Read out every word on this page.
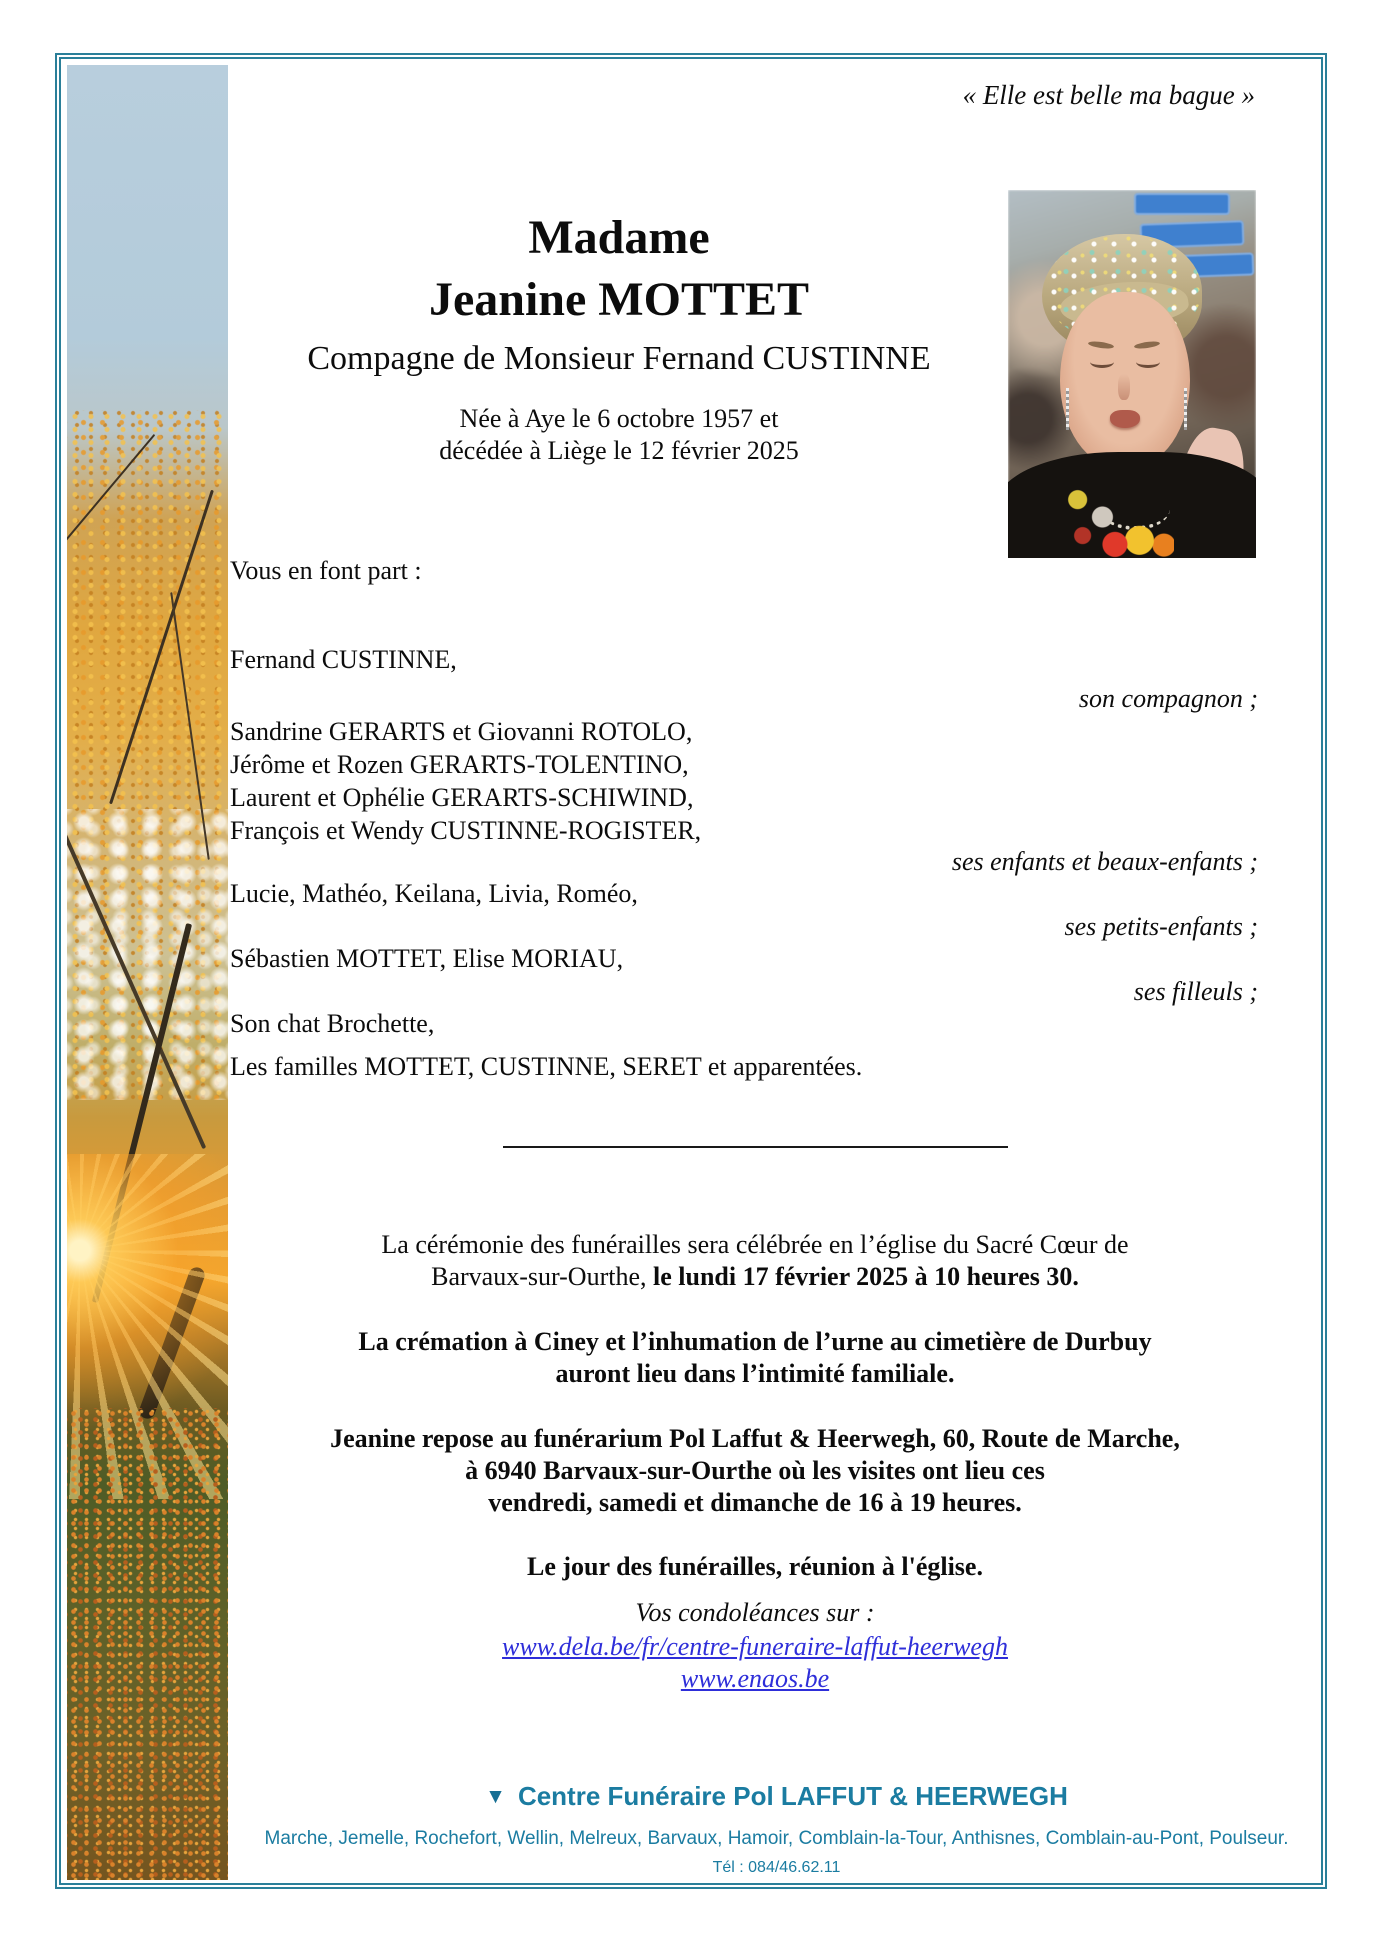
« Elle est belle ma bague »
Madame
Jeanine MOTTET
Compagne de Monsieur Fernand CUSTINNE
Née à Aye le 6 octobre 1957 et
décédée à Liège le 12 février 2025
Vous en font part :
Fernand CUSTINNE,
son compagnon ;
Sandrine GERARTS et Giovanni ROTOLO,
Jérôme et Rozen GERARTS-TOLENTINO,
Laurent et Ophélie GERARTS-SCHIWIND,
François et Wendy CUSTINNE-ROGISTER,
ses enfants et beaux-enfants ;
Lucie, Mathéo, Keilana, Livia, Roméo,
ses petits-enfants ;
Sébastien MOTTET, Elise MORIAU,
ses filleuls ;
Son chat Brochette,
Les familles MOTTET, CUSTINNE, SERET et apparentées.
La cérémonie des funérailles sera célébrée en l’église du Sacré Cœur de
Barvaux-sur-Ourthe, le lundi 17 février 2025 à 10 heures 30.
La crémation à Ciney et l’inhumation de l’urne au cimetière de Durbuy
auront lieu dans l’intimité familiale.
Jeanine repose au funérarium Pol Laffut & Heerwegh, 60, Route de Marche,
à 6940 Barvaux-sur-Ourthe où les visites ont lieu ces
vendredi, samedi et dimanche de 16 à 19 heures.
Le jour des funérailles, réunion à l'église.
Vos condoléances sur :
www.dela.be/fr/centre-funeraire-laffut-heerwegh
www.enaos.be
▼ Centre Funéraire Pol LAFFUT & HEERWEGH
Marche, Jemelle, Rochefort, Wellin, Melreux, Barvaux, Hamoir, Comblain-la-Tour, Anthisnes, Comblain-au-Pont, Poulseur.
Tél : 084/46.62.11
